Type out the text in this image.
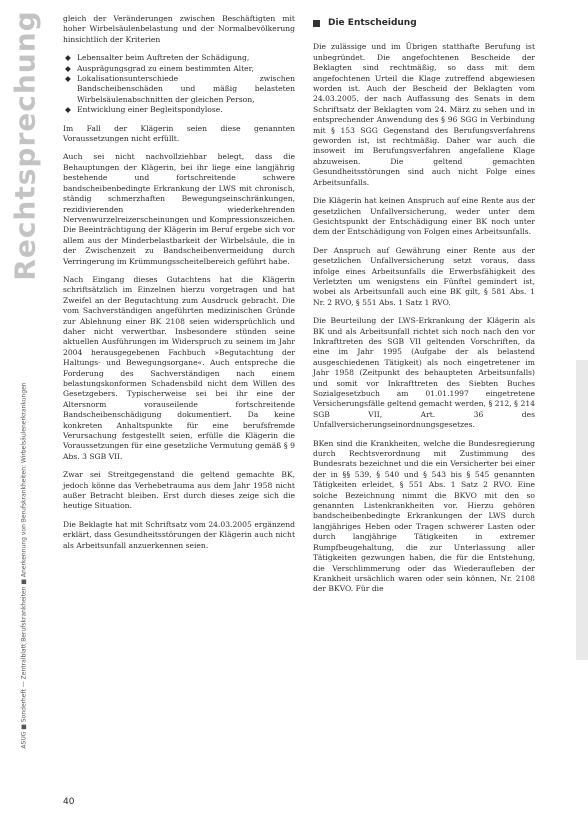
Rechtsprechung
ASUG ■ Sonderheft — Zentralblatt Berufskrankheiten ■ Anerkennung von Berufskrankheiten: Wirbelsäulenerkrankungen

gleich der Veränderungen zwischen Beschäftigten mit hoher Wirbelsäulenbelastung und der Normalbevölkerung hinsichtlich der Kriterien

◆ Lebensalter beim Auftreten der Schädigung,
◆ Ausprägungsgrad zu einem bestimmten Alter,
◆ Lokalisationsunterschiede zwischen Bandscheibenschäden und mäßig belasteten Wirbelsäulenabschnitten der gleichen Person,
◆ Entwicklung einer Begleitspondylose.

Im Fall der Klägerin seien diese genannten Voraussetzungen nicht erfüllt.

Auch sei nicht nachvollziehbar belegt, dass die Behauptungen der Klägerin, bei ihr liege eine langjährig bestehende und fortschreitende schwere bandscheibenbedingte Erkrankung der LWS mit chronisch, ständig schmerzhaften Bewegungseinschränkungen, rezidivierenden wiederkehrenden Nervenwurzelreizerscheinungen und Kompressionszeichen. Die Beeinträchtigung der Klägerin im Beruf ergebe sich vor allem aus der Minderbelastbarkeit der Wirbelsäule, die in der Zwischenzeit zu Bandscheibenvermeidung durch Verringerung im Krümmungsscheitelbereich geführt habe.

Nach Eingang dieses Gutachtens hat die Klägerin schriftsätzlich im Einzelnen hierzu vorgetragen und hat Zweifel an der Begutachtung zum Ausdruck gebracht. Die vom Sachverständigen angeführten medizinischen Gründe zur Ablehnung einer BK 2108 seien widersprüchlich und daher nicht verwertbar. Insbesondere stünden seine aktuellen Ausführungen im Widerspruch zu seinem im Jahr 2004 herausgegebenen Fachbuch »Begutachtung der Haltungs- und Bewegungsorgane«. Auch entspreche die Forderung des Sachverständigen nach einem belastungskonformen Schadensbild nicht dem Willen des Gesetzgebers. Typischerweise sei bei ihr eine der Altersnorm vorauseilende fortschreitende Bandscheibenschädigung dokumentiert. Da keine konkreten Anhaltspunkte für eine berufsfremde Verursachung festgestellt seien, erfülle die Klägerin die Voraussetzungen für eine gesetzliche Vermutung gemäß § 9 Abs. 3 SGB VII.

Zwar sei Streitgegenstand die geltend gemachte BK, jedoch könne das Verhebetrauma aus dem Jahr 1958 nicht außer Betracht bleiben. Erst durch dieses zeige sich die heutige Situation.

Die Beklagte hat mit Schriftsatz vom 24.03.2005 ergänzend erklärt, dass Gesundheitsstörungen der Klägerin auch nicht als Arbeitsunfall anzuerkennen seien.

Die Entscheidung

Die zulässige und im Übrigen statthafte Berufung ist unbegründet. Die angefochtenen Bescheide der Beklagten sind rechtmäßig, so dass mit dem angefochtenen Urteil die Klage zutreffend abgewiesen worden ist. Auch der Bescheid der Beklagten vom 24.03.2005, der nach Auffassung des Senats in dem Schriftsatz der Beklagten vom 24. März zu sehen und in entsprechender Anwendung des § 96 SGG in Verbindung mit § 153 SGG Gegenstand des Berufungsverfahrens geworden ist, ist rechtmäßig. Daher war auch die insoweit im Berufungsverfahren angefallene Klage abzuweisen. Die geltend gemachten Gesundheitsstörungen sind auch nicht Folge eines Arbeitsunfalls.

Die Klägerin hat keinen Anspruch auf eine Rente aus der gesetzlichen Unfallversicherung, weder unter dem Gesichtspunkt der Entschädigung einer BK noch unter dem der Entschädigung von Folgen eines Arbeitsunfalls.

Der Anspruch auf Gewährung einer Rente aus der gesetzlichen Unfallversicherung setzt voraus, dass infolge eines Arbeitsunfalls die Erwerbsfähigkeit des Verletzten um wenigstens ein Fünftel gemindert ist, wobei als Arbeitsunfall auch eine BK gilt, § 581 Abs. 1 Nr. 2 RVO, § 551 Abs. 1 Satz 1 RVO.

Die Beurteilung der LWS-Erkrankung der Klägerin als BK und als Arbeitsunfall richtet sich noch nach den vor Inkrafttreten des SGB VII geltenden Vorschriften, da eine im Jahr 1995 (Aufgabe der als belastend ausgeschiedenen Tätigkeit) als noch eingetretener im Jahr 1958 (Zeitpunkt des behaupteten Arbeitsunfalls) und somit vor Inkrafttreten des Siebten Buches Sozialgesetzbuch am 01.01.1997 eingetretene Versicherungsfälle geltend gemacht werden, § 212, § 214 SGB VII, Art. 36 des Unfallversicherungseinordnungsgesetzes.

BKen sind die Krankheiten, welche die Bundesregierung durch Rechtsverordnung mit Zustimmung des Bundesrats bezeichnet und die ein Versicherter bei einer der in §§ 539, § 540 und § 543 bis § 545 genannten Tätigkeiten erleidet, § 551 Abs. 1 Satz 2 RVO. Eine solche Bezeichnung nimmt die BKVO mit den so genannten Listenkrankheiten vor. Hierzu gehören bandscheibenbedingte Erkrankungen der LWS durch langjähriges Heben oder Tragen schwerer Lasten oder durch langjährige Tätigkeiten in extremer Rumpfbeugehaltung, die zur Unterlassung aller Tätigkeiten gezwungen haben, die für die Entstehung, die Verschlimmerung oder das Wiederaufleben der Krankheit ursächlich waren oder sein können, Nr. 2108 der BKVO. Für die

40
